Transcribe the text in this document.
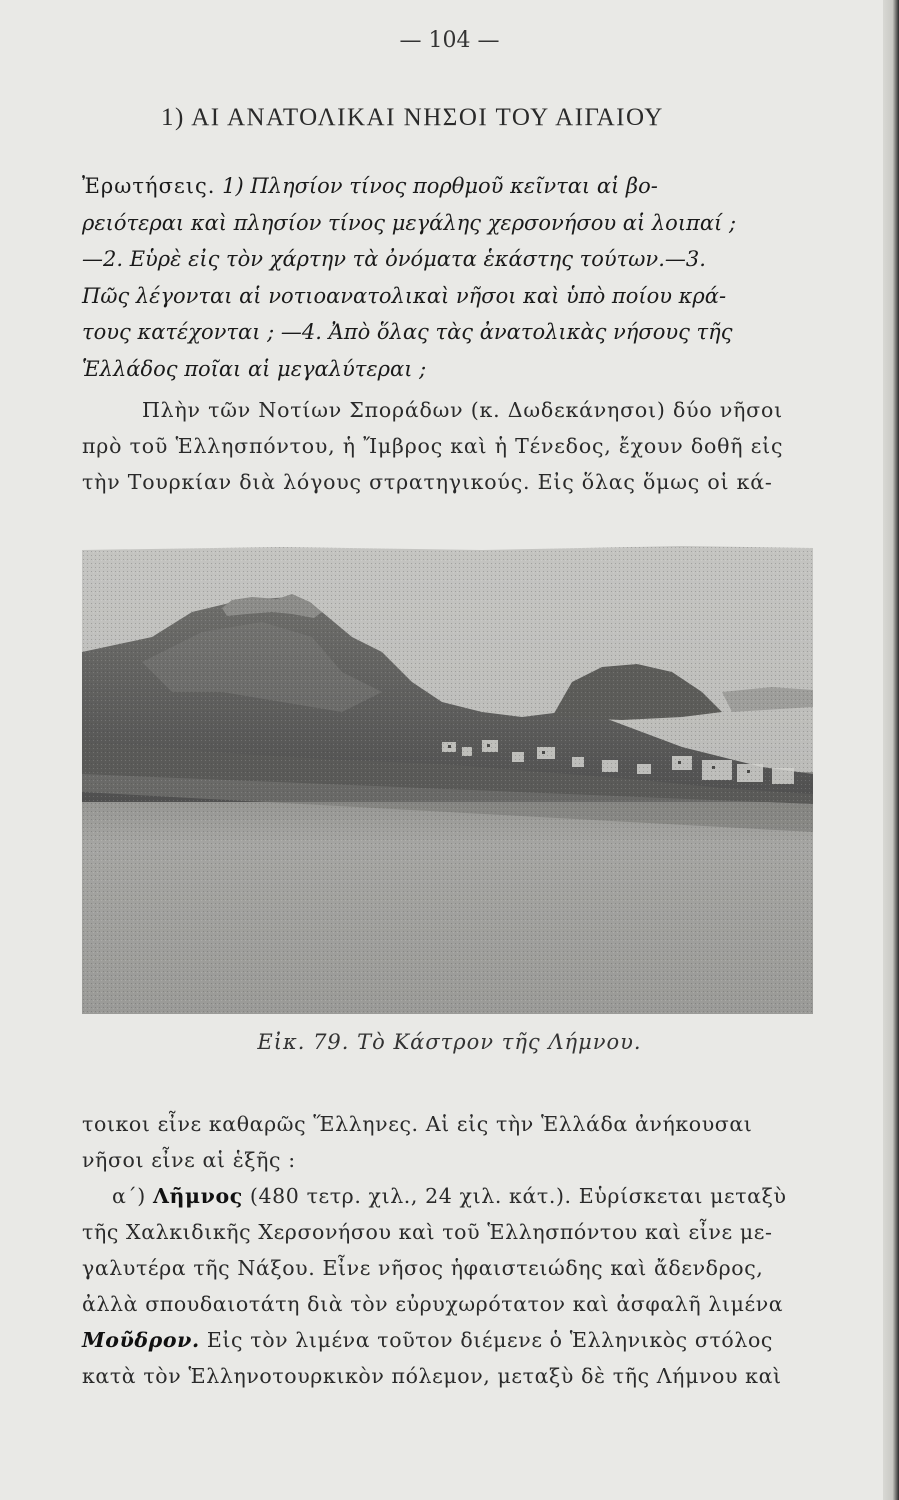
— 104 —
1) ΑΙ ΑΝΑΤΟΛΙΚΑΙ ΝΗΣΟΙ ΤΟΥ ΑΙΓΑΙΟΥ
Ἐρωτήσεις. 1) Πλησίον τίνος πορθμοῦ κεῖνται αἱ βο-
ρειότεραι καὶ πλησίον τίνος μεγάλης χερσονήσου αἱ λοιπαί ;
—2. Εὑρὲ εἰς τὸν χάρτην τὰ ὀνόματα ἑκάστης τούτων.—3.
Πῶς λέγονται αἱ νοτιοανατολικαὶ νῆσοι καὶ ὑπὸ ποίου κρά-
τους κατέχονται ; —4. Ἀπὸ ὅλας τὰς ἀνατολικὰς νήσους τῆς
Ἑλλάδος ποῖαι αἱ μεγαλύτεραι ;
Πλὴν τῶν Νοτίων Σποράδων (κ. Δωδεκάνησοι) δύο νῆσοι
πρὸ τοῦ Ἑλλησπόντου, ἡ Ἴμβρος καὶ ἡ Τένεδος, ἔχουν δοθῆ εἰς
τὴν Τουρκίαν διὰ λόγους στρατηγικούς. Εἰς ὅλας ὅμως οἱ κά-
Εἰκ. 79. Τὸ Κάστρον τῆς Λήμνου.
τοικοι εἶνε καθαρῶς Ἕλληνες. Αἱ εἰς τὴν Ἑλλάδα ἀνήκουσαι
νῆσοι εἶνε αἱ ἑξῆς :
α΄) Λῆμνος (480 τετρ. χιλ., 24 χιλ. κάτ.). Εὑρίσκεται μεταξὺ
τῆς Χαλκιδικῆς Χερσονήσου καὶ τοῦ Ἑλλησπόντου καὶ εἶνε με-
γαλυτέρα τῆς Νάξου. Εἶνε νῆσος ἡφαιστειώδης καὶ ἄδενδρος,
ἀλλὰ σπουδαιοτάτη διὰ τὸν εὐρυχωρότατον καὶ ἀσφαλῆ λιμένα
Μοῦδρον. Εἰς τὸν λιμένα τοῦτον διέμενε ὁ Ἑλληνικὸς στόλος
κατὰ τὸν Ἑλληνοτουρκικὸν πόλεμον, μεταξὺ δὲ τῆς Λήμνου καὶ
